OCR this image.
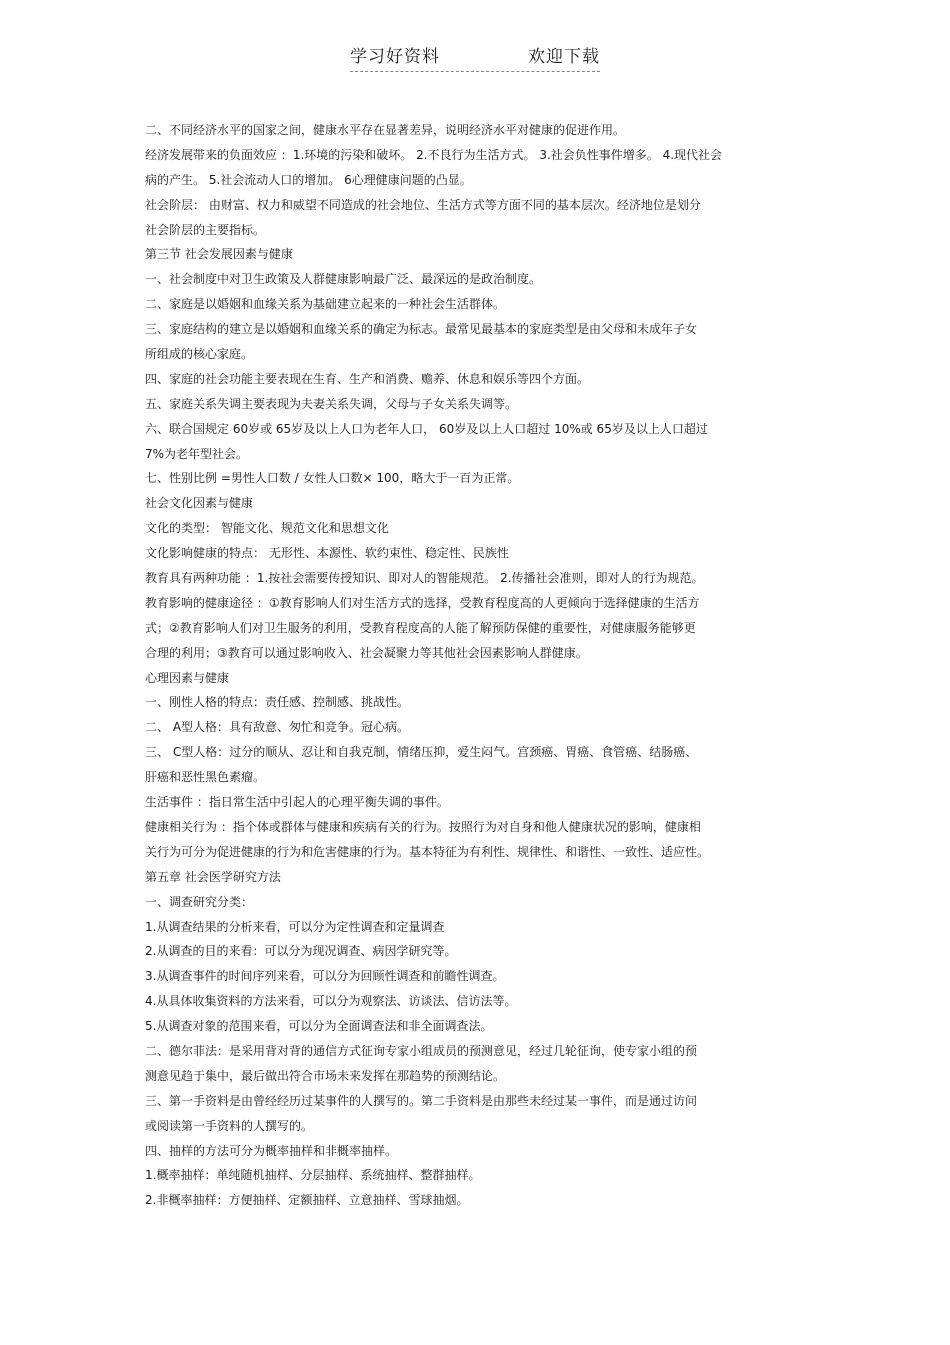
学习好资料	欢迎下载

二、不同经济水平的国家之间，健康水平存在显著差异，说明经济水平对健康的促进作用。

经济发展带来的负面效应 ：1.环境的污染和破坏。 2.不良行为生活方式。 3.社会负性事件增多。 4.现代社会

病的产生。 5.社会流动人口的增加。 6心理健康问题的凸显。

社会阶层： 由财富、权力和威望不同造成的社会地位、生活方式等方面不同的基本层次。经济地位是划分

社会阶层的主要指标。

第三节 社会发展因素与健康

一、社会制度中对卫生政策及人群健康影响最广泛、最深远的是政治制度。

二、家庭是以婚姻和血缘关系为基础建立起来的一种社会生活群体。

三、家庭结构的建立是以婚姻和血缘关系的确定为标志。最常见最基本的家庭类型是由父母和未成年子女

所组成的核心家庭。

四、家庭的社会功能主要表现在生育、生产和消费、赡养、休息和娱乐等四个方面。

五、家庭关系失调主要表现为夫妻关系失调，父母与子女关系失调等。

六、联合国规定 60岁或 65岁及以上人口为老年人口， 60岁及以上人口超过 10%或 65岁及以上人口超过

7%为老年型社会。

七、性别比例 =男性人口数 / 女性人口数× 100，略大于一百为正常。

社会文化因素与健康

文化的类型： 智能文化、规范文化和思想文化

文化影响健康的特点： 无形性、本源性、软约束性、稳定性、民族性

教育具有两种功能 ：1.按社会需要传授知识、即对人的智能规范。 2.传播社会准则，即对人的行为规范。

教育影响的健康途径 ：①教育影响人们对生活方式的选择，受教育程度高的人更倾向于选择健康的生活方

式；②教育影响人们对卫生服务的利用，受教育程度高的人能了解预防保健的重要性，对健康服务能够更

合理的利用；③教育可以通过影响收入、社会凝聚力等其他社会因素影响人群健康。

心理因素与健康

一、刚性人格的特点：责任感、控制感、挑战性。

二、 A型人格：具有敌意、匆忙和竞争。冠心病。

三、 C型人格：过分的顺从、忍让和自我克制，情绪压抑，爱生闷气。宫颈癌、胃癌、食管癌、结肠癌、

肝癌和恶性黑色素瘤。

生活事件 ：指日常生活中引起人的心理平衡失调的事件。

健康相关行为 ：指个体或群体与健康和疾病有关的行为。按照行为对自身和他人健康状况的影响，健康相

关行为可分为促进健康的行为和危害健康的行为。基本特征为有利性、规律性、和谐性、一致性、适应性。

第五章 社会医学研究方法

一、调查研究分类：

1.从调查结果的分析来看，可以分为定性调查和定量调查

2.从调查的目的来看：可以分为现况调查、病因学研究等。

3.从调查事件的时间序列来看，可以分为回顾性调查和前瞻性调查。

4.从具体收集资料的方法来看，可以分为观察法、访谈法、信访法等。

5.从调查对象的范围来看，可以分为全面调查法和非全面调查法。

二、德尔菲法：是采用背对背的通信方式征询专家小组成员的预测意见，经过几轮征询，使专家小组的预

测意见趋于集中，最后做出符合市场未来发挥在那趋势的预测结论。

三、第一手资料是由曾经经历过某事件的人撰写的。第二手资料是由那些未经过某一事件，而是通过访问

或阅读第一手资料的人撰写的。

四、抽样的方法可分为概率抽样和非概率抽样。

1.概率抽样：单纯随机抽样、分层抽样、系统抽样、整群抽样。

2.非概率抽样：方便抽样、定额抽样、立意抽样、雪球抽烟。
